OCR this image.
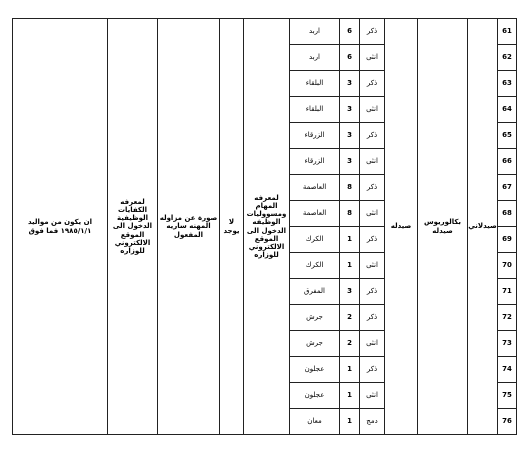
61	صيدلاني	بكالوريوس صيدله	صيدله	ذكر	6	اربد	لمعرفه المهام ومسووليات الوظيفه الدخول الى الموقع الالكتروني للوزاره	لا يوجد	صورة عن مزاوله المهنه ساريه المفعول	لمعرفه الكفايات الوظيفية الدخول الى الموقع الالكتروني للوزاره	ان يكون من مواليد ١٩٨٥/١/١ فما فوق
62				انثى	6	اربد					
63				ذكر	3	البلقاء					
64				انثى	3	البلقاء					
65				ذكر	3	الزرقاء					
66				انثى	3	الزرقاء					
67				ذكر	8	العاصمة					
68				انثى	8	العاصمة					
69				ذكر	1	الكرك					
70				انثى	1	الكرك					
71				ذكر	3	المفرق					
72				ذكر	2	جرش					
73				انثى	2	جرش					
74				ذكر	1	عجلون					
75				انثى	1	عجلون					
76				دمج	1	معان					
